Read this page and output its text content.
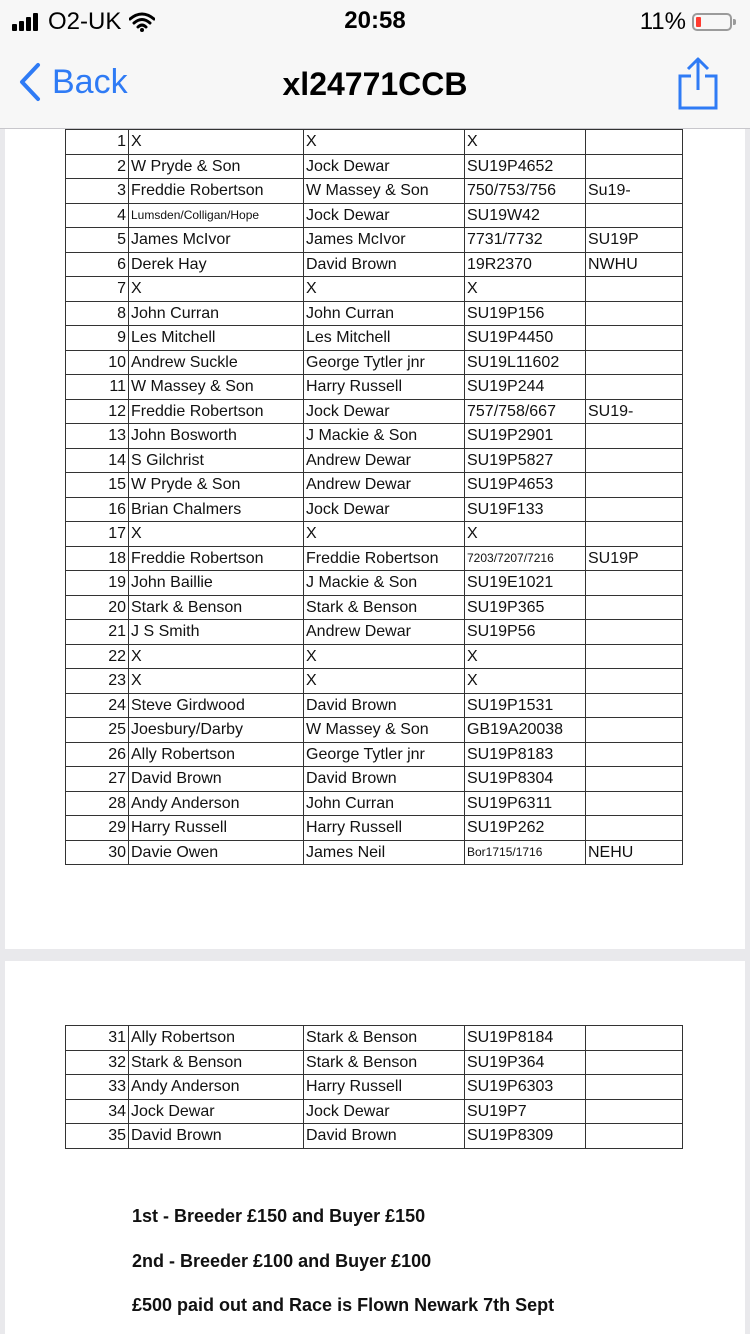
O2-UK	20:58	11%
Back	xl24771CCB
1	X	X	X	
2	W Pryde & Son	Jock Dewar	SU19P4652	
3	Freddie Robertson	W Massey & Son	750/753/756	Su19-
4	Lumsden/Colligan/Hope	Jock Dewar	SU19W42	
5	James McIvor	James McIvor	7731/7732	SU19P
6	Derek Hay	David Brown	19R2370	NWHU
7	X	X	X	
8	John Curran	John Curran	SU19P156	
9	Les Mitchell	Les Mitchell	SU19P4450	
10	Andrew Suckle	George Tytler jnr	SU19L11602	
11	W Massey & Son	Harry Russell	SU19P244	
12	Freddie Robertson	Jock Dewar	757/758/667	SU19-
13	John Bosworth	J Mackie & Son	SU19P2901	
14	S Gilchrist	Andrew Dewar	SU19P5827	
15	W Pryde & Son	Andrew Dewar	SU19P4653	
16	Brian Chalmers	Jock Dewar	SU19F133	
17	X	X	X	
18	Freddie Robertson	Freddie Robertson	7203/7207/7216	SU19P
19	John Baillie	J Mackie & Son	SU19E1021	
20	Stark & Benson	Stark & Benson	SU19P365	
21	J S Smith	Andrew Dewar	SU19P56	
22	X	X	X	
23	X	X	X	
24	Steve Girdwood	David Brown	SU19P1531	
25	Joesbury/Darby	W Massey & Son	GB19A20038	
26	Ally Robertson	George Tytler jnr	SU19P8183	
27	David Brown	David Brown	SU19P8304	
28	Andy Anderson	John Curran	SU19P6311	
29	Harry Russell	Harry Russell	SU19P262	
30	Davie Owen	James Neil	Bor1715/1716	NEHU
31	Ally Robertson	Stark & Benson	SU19P8184	
32	Stark & Benson	Stark & Benson	SU19P364	
33	Andy Anderson	Harry Russell	SU19P6303	
34	Jock Dewar	Jock Dewar	SU19P7	
35	David Brown	David Brown	SU19P8309	
1st - Breeder £150 and Buyer £150
2nd - Breeder £100 and Buyer £100
£500 paid out and Race is Flown Newark 7th Sept
